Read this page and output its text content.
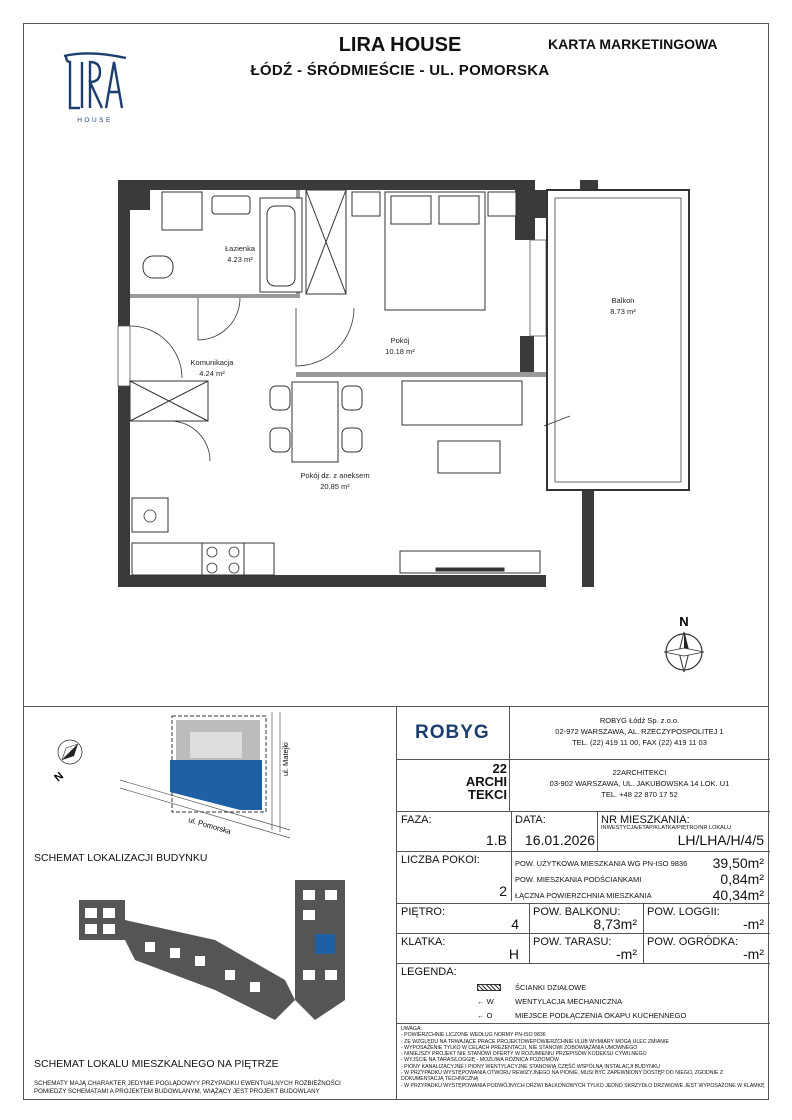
LIRA HOUSE
ŁÓDŹ - ŚRÓDMIEŚCIE - UL. POMORSKA
KARTA MARKETINGOWA
HOUSE
Łazienka
4.23 m²
Balkon
8.73 m²
Pokój
10.18 m²
Komunikacja
4.24 m²
Pokój dz. z aneksem
20.85 m²
N
ul. Pomorska
ul. Matejki
N
SCHEMAT LOKALIZACJI BUDYNKU
SCHEMAT LOKALU MIESZKALNEGO NA PIĘTRZE
SCHEMATY MAJĄ CHARAKTER JEDYNIE POGLĄDOWYY PRZYPADKU EWENTUALNYCH ROZBIEŻNOŚCI POMIEDZY SCHEMATAMI A PROJEKTEM BUDOWLANYM, WIĄŻĄCY JEST PROJEKT BUDOWLANY
ROBYG
ROBYG Łódź Sp. z.o.o.
02-972 WARSZAWA, AL. RZECZYPOSPOLITEJ 1
TEL. (22) 419 11 00, FAX (22) 419 11 03
22
ARCHI
TEKCI
22ARCHITEKCI
03-902 WARSZAWA, UL. JAKUBOWSKA 14 LOK. U1
TEL. +48 22 870 17 52
FAZA:
1.B
DATA:
16.01.2026
NR MIESZKANIA:
INWESTYCJA/ETAP/KLATKA/PIĘTRO/NR LOKALU
LH/LHA/H/4/5
LICZBA POKOI:
2
POW. UŻYTKOWA MIESZKANIA WG PN-ISO 9836	39,50m²
POW. MIESZKANIA PODŚCIANKAMI	0,84m²
ŁĄCZNA POWIERZCHNIA MIESZKANIA	40,34m²
PIĘTRO:
4
POW. BALKONU:
8,73m²
POW. LOGGII:
-m²
KLATKA:
H
POW. TARASU:
-m²
POW. OGRÓDKA:
-m²
LEGENDA:
ŚCIANKI DZIAŁOWE
← W	WENTYLACJA MECHANICZNA
← O	MIEJSCE PODŁĄCZENIA OKAPU KUCHENNEGO
UWAGA:
- POWIERZCHNIE LICZONE WEDŁUG NORMY PN-ISO 9836
- ZE WZGLĘDU NA TRWAJĄCE PRACE PROJEKTOWEPOWIERZCHNIE I/LUB WYMIARY MOGĄ ULEC ZMIANIE
- WYPOSAŻENIE TYLKO W CELACH PREZENTACJI, NIE STANOWI ZOBOWIĄZANIA UMOWNEGO
- NINIEJSZY PROJEKT NIE STANOWI OFERTY W ROZUMIENIU PRZEPISÓW KODEKSU CYWILNEGO
- WYJŚCIE NA TARAS/LOGGIĘ - MOŻLIWA RÓŻNICA POZIOMÓW
- PIONY KANALIZACYJNE I PIONY WENTYLACYJNE STANOWIĄ CZĘŚĆ WSPÓLNĄ INSTALACJI BUDYNKU
- W PRZYPADKU WYSTĘPOWANIA OTWORU REWIZYJNEGO NA PIONIE, MUSI BYĆ ZAPEWNIONY DOSTĘP DO NIEGO, ZGODNIE Z DOKUMENTACJĄ TECHNICZNĄ
- W PRZYPADKU WYSTĘPOWANIA PODWÓJNYCH DRZWI BALKONOWYCH TYLKO JEDNO SKRZYDŁO DRZWIOWE JEST WYPOSAŻONE W KLAMKĘ
